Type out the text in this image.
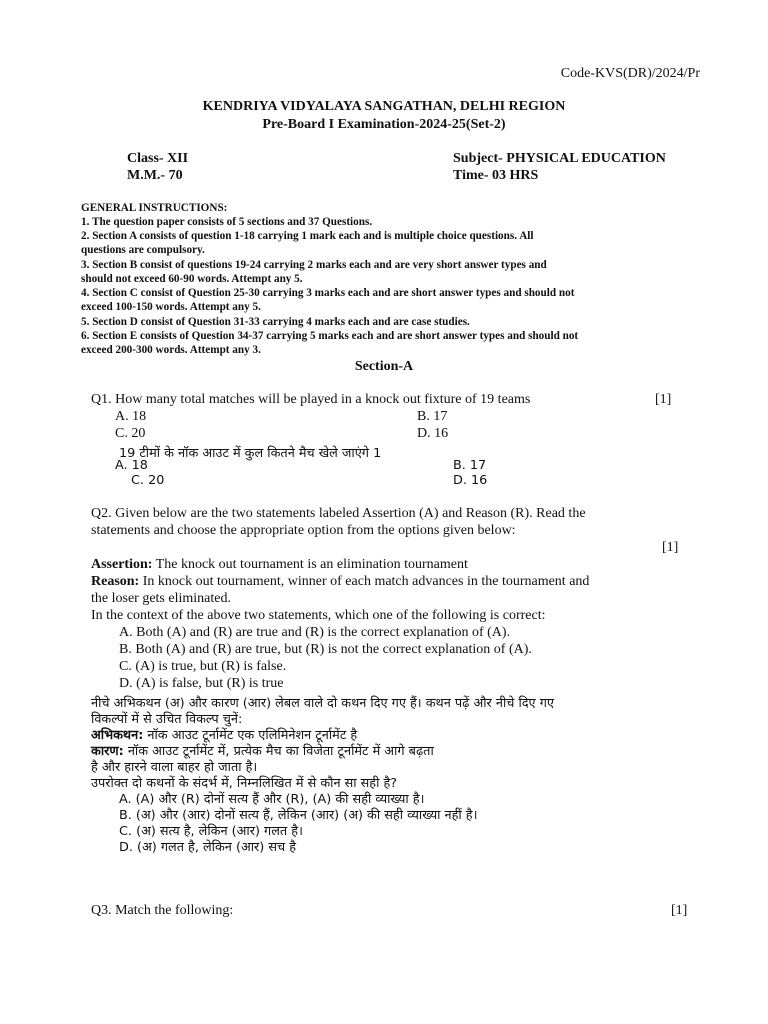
Code-KVS(DR)/2024/Pr
KENDRIYA VIDYALAYA SANGATHAN, DELHI REGION
Pre-Board I Examination-2024-25(Set-2)
Class- XII	Subject- PHYSICAL EDUCATION
M.M.- 70	Time- 03 HRS
GENERAL INSTRUCTIONS:
1. The question paper consists of 5 sections and 37 Questions.
2. Section A consists of question 1-18 carrying 1 mark each and is multiple choice questions. All
questions are compulsory.
3. Section B consist of questions 19-24 carrying 2 marks each and are very short answer types and
should not exceed 60-90 words. Attempt any 5.
4. Section C consist of Question 25-30 carrying 3 marks each and are short answer types and should not
exceed 100-150 words. Attempt any 5.
5. Section D consist of Question 31-33 carrying 4 marks each and are case studies.
6. Section E consists of Question 34-37 carrying 5 marks each and are short answer types and should not
exceed 200-300 words. Attempt any 3.
Section-A
Q1. How many total matches will be played in a knock out fixture of 19 teams	[1]
A. 18	B. 17
C. 20	D. 16
19 टीमों के नॉक आउट में कुल कितने मैच खेले जाएंगे 1
A. 18	B. 17
C. 20	D. 16
Q2. Given below are the two statements labeled Assertion (A) and Reason (R). Read the
statements and choose the appropriate option from the options given below:
[1]
Assertion: The knock out tournament is an elimination tournament
Reason: In knock out tournament, winner of each match advances in the tournament and
the loser gets eliminated.
In the context of the above two statements, which one of the following is correct:
A. Both (A) and (R) are true and (R) is the correct explanation of (A).
B. Both (A) and (R) are true, but (R) is not the correct explanation of (A).
C. (A) is true, but (R) is false.
D. (A) is false, but (R) is true
नीचे अभिकथन (अ) और कारण (आर) लेबल वाले दो कथन दिए गए हैं। कथन पढ़ें और नीचे दिए गए
विकल्पों में से उचित विकल्प चुनें:
अभिकथन: नॉक आउट टूर्नामेंट एक एलिमिनेशन टूर्नामेंट है
कारण: नॉक आउट टूर्नामेंट में, प्रत्येक मैच का विजेता टूर्नामेंट में आगे बढ़ता
है और हारने वाला बाहर हो जाता है।
उपरोक्त दो कथनों के संदर्भ में, निम्नलिखित में से कौन सा सही है?
A. (A) और (R) दोनों सत्य हैं और (R), (A) की सही व्याख्या है।
B. (अ) और (आर) दोनों सत्य हैं, लेकिन (आर) (अ) की सही व्याख्या नहीं है।
C. (अ) सत्य है, लेकिन (आर) गलत है।
D. (अ) गलत है, लेकिन (आर) सच है
Q3. Match the following:	[1]
